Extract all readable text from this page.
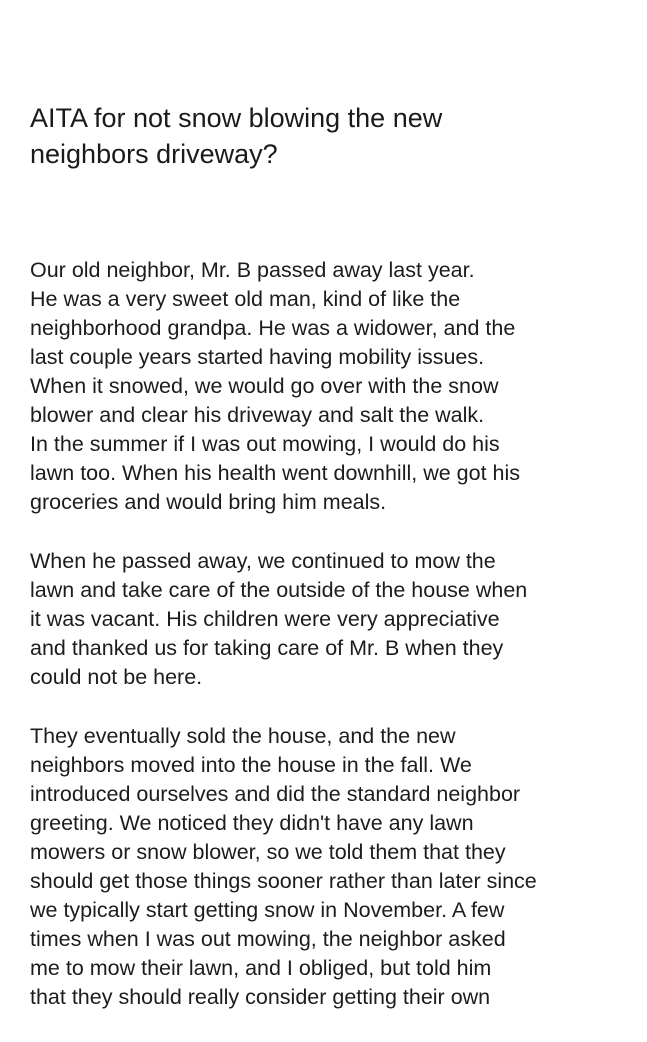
AITA for not snow blowing the new
neighbors driveway?

Our old neighbor, Mr. B passed away last year.
He was a very sweet old man, kind of like the
neighborhood grandpa. He was a widower, and the
last couple years started having mobility issues.
When it snowed, we would go over with the snow
blower and clear his driveway and salt the walk.
In the summer if I was out mowing, I would do his
lawn too. When his health went downhill, we got his
groceries and would bring him meals.

When he passed away, we continued to mow the
lawn and take care of the outside of the house when
it was vacant. His children were very appreciative
and thanked us for taking care of Mr. B when they
could not be here.

They eventually sold the house, and the new
neighbors moved into the house in the fall. We
introduced ourselves and did the standard neighbor
greeting. We noticed they didn't have any lawn
mowers or snow blower, so we told them that they
should get those things sooner rather than later since
we typically start getting snow in November. A few
times when I was out mowing, the neighbor asked
me to mow their lawn, and I obliged, but told him
that they should really consider getting their own
